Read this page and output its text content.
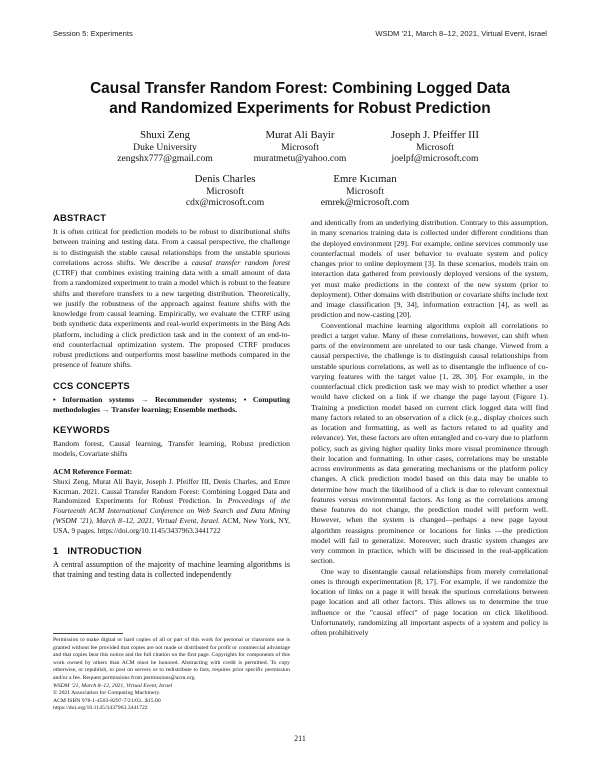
Session 5: Experiments	WSDM ’21, March 8–12, 2021, Virtual Event, Israel
Causal Transfer Random Forest: Combining Logged Data
and Randomized Experiments for Robust Prediction
Shuxi Zeng
Duke University
zengshx777@gmail.com
Murat Ali Bayir
Microsoft
muratmetu@yahoo.com
Joseph J. Pfeiffer III
Microsoft
joelpf@microsoft.com
Denis Charles
Microsoft
cdx@microsoft.com
Emre Kıcıman
Microsoft
emrek@microsoft.com
ABSTRACT

It is often critical for prediction models to be robust to distributional shifts between training and testing data. From a causal perspective, the challenge is to distinguish the stable causal relationships from the unstable spurious correlations across shifts. We describe a causal transfer random forest (CTRF) that combines existing training data with a small amount of data from a randomized experiment to train a model which is robust to the feature shifts and therefore transfers to a new targeting distribution. Theoretically, we justify the robustness of the approach against feature shifts with the knowledge from causal learning. Empirically, we evaluate the CTRF using both synthetic data experiments and real-world experiments in the Bing Ads platform, including a click prediction task and in the context of an end-to-end counterfactual optimization system. The proposed CTRF produces robust predictions and outperforms most baseline methods compared in the presence of feature shifts.

CCS CONCEPTS

• Information systems → Recommender systems; • Computing methodologies → Transfer learning; Ensemble methods.

KEYWORDS

Random forest, Causal learning, Transfer learning, Robust prediction models, Covariate shifts

ACM Reference Format:

Shuxi Zeng, Murat Ali Bayir, Joseph J. Pfeiffer III, Denis Charles, and Emre Kıcıman. 2021. Causal Transfer Random Forest: Combining Logged Data and Randomized Experiments for Robust Prediction. In Proceedings of the Fourteenth ACM International Conference on Web Search and Data Mining (WSDM ’21), March 8–12, 2021, Virtual Event, Israel. ACM, New York, NY, USA, 9 pages. https://doi.org/10.1145/3437963.3441722

1 INTRODUCTION

A central assumption of the majority of machine learning algorithms is that training and testing data is collected independently

Permission to make digital or hard copies of all or part of this work for personal or classroom use is granted without fee provided that copies are not made or distributed for profit or commercial advantage and that copies bear this notice and the full citation on the first page. Copyrights for components of this work owned by others than ACM must be honored. Abstracting with credit is permitted. To copy otherwise, or republish, to post on servers or to redistribute to lists, requires prior specific permission and/or a fee. Request permissions from permissions@acm.org.
WSDM ’21, March 8–12, 2021, Virtual Event, Israel
© 2021 Association for Computing Machinery.
ACM ISBN 978-1-4503-8297-7/21/03...$15.00
https://doi.org/10.1145/3437963.3441722

and identically from an underlying distribution. Contrary to this assumption, in many scenarios training data is collected under different conditions than the deployed environment [29]. For example, online services commonly use counterfactual models of user behavior to evaluate system and policy changes prior to online deployment [3]. In these scenarios, models train on interaction data gathered from previously deployed versions of the system, yet must make predictions in the context of the new system (prior to deployment). Other domains with distribution or covariate shifts include text and image classification [9, 34], information extraction [4], as well as prediction and now-casting [20].

Conventional machine learning algorithms exploit all correlations to predict a target value. Many of these correlations, however, can shift when parts of the environment are unrelated to our task change. Viewed from a causal perspective, the challenge is to distinguish causal relationships from unstable spurious correlations, as well as to disentangle the influence of co-varying features with the target value [1, 28, 30]. For example, in the counterfactual click prediction task we may wish to predict whether a user would have clicked on a link if we change the page layout (Figure 1). Training a prediction model based on current click logged data will find many factors related to an observation of a click (e.g., display choices such as location and formatting, as well as factors related to ad quality and relevance). Yet, these factors are often entangled and co-vary due to platform policy, such as giving higher quality links more visual prominence through their location and formatting. In other cases, correlations may be unstable across environments as data generating mechanisms or the platform policy changes. A click prediction model based on this data may be unable to determine how much the likelihood of a click is due to relevant contextual features versus environmental factors. As long as the correlations among these features do not change, the prediction model will perform well. However, when the system is changed—perhaps a new page layout algorithm reassigns prominence or locations for links —the prediction model will fail to generalize. Moreover, such drastic system changes are very common in practice, which will be discussed in the real-application section.

One way to disentangle causal relationships from merely correlational ones is through experimentation [8, 17]. For example, if we randomize the location of links on a page it will break the spurious correlations between page location and all other factors. This allows us to determine the true influence or the "causal effect" of page location on click likelihood. Unfortunately, randomizing all important aspects of a system and policy is often prohibitively

211
